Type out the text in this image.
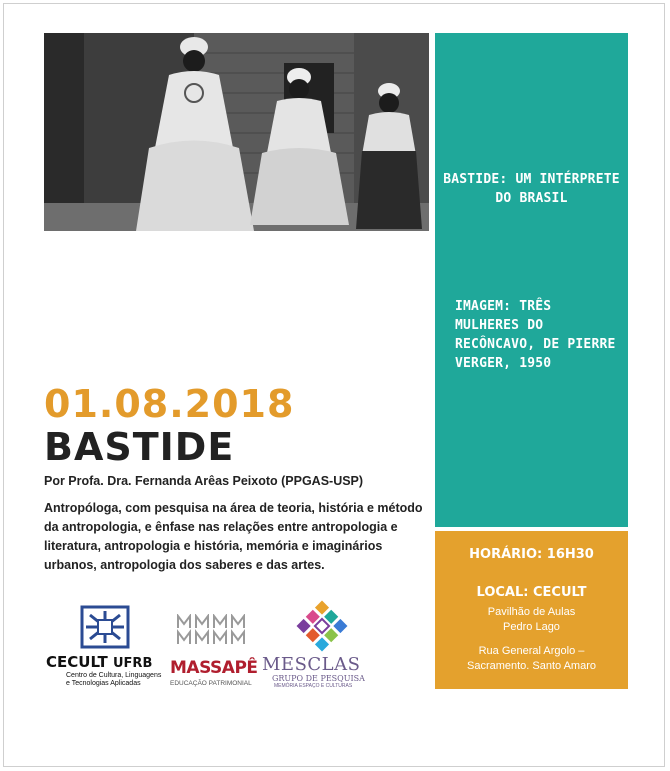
BASTIDE: UM INTÉRPRETE DO BRASIL
IMAGEM: TRÊS MULHERES DO RECÔNCAVO, DE PIERRE VERGER, 1950
01.08.2018
BASTIDE
Por Profa. Dra. Fernanda Arêas Peixoto (PPGAS-USP)
Antropóloga, com pesquisa na área de teoria, história e método da antropologia, e ênfase nas relações entre antropologia e literatura, antropologia e história, memória e imaginários urbanos, antropologia dos saberes e das artes.
HORÁRIO: 16H30
LOCAL: CECULT
Pavilhão de Aulas
Pedro Lago
Rua General Argolo –
Sacramento. Santo Amaro
CECULT UFRB
Centro de Cultura, Linguagens
e Tecnologias Aplicadas
MASSAPÊ
EDUCAÇÃO PATRIMONIAL
MESCLAS
GRUPO DE PESQUISA
MEMÓRIA ESPAÇO E CULTURAS
